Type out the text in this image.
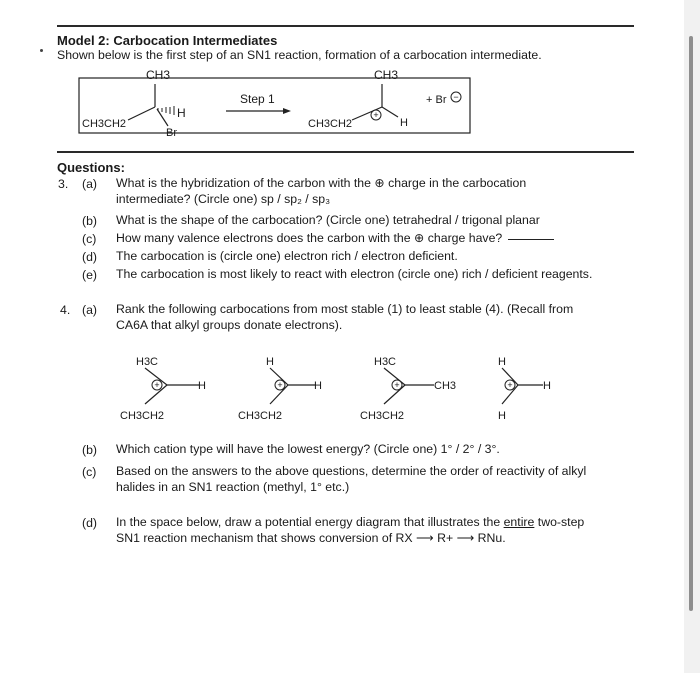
Model 2: Carbocation Intermediates
Shown below is the first step of an SN1 reaction, formation of a carbocation intermediate.
CH3
H
Br
CH3CH2
Step 1
CH3
H
+
CH3CH2
+ Br −
Questions:
3. (a) What is the hybridization of the carbon with the ⊕ charge in the carbocation
intermediate? (Circle one) sp / sp₂ / sp₃
(b) What is the shape of the carbocation? (Circle one) tetrahedral / trigonal planar
(c) How many valence electrons does the carbon with the ⊕ charge have?
(d) The carbocation is (circle one) electron rich / electron deficient.
(e) The carbocation is most likely to react with electron (circle one) rich / deficient reagents.
4. (a) Rank the following carbocations from most stable (1) to least stable (4). (Recall from
CA6A that alkyl groups donate electrons).
H3C
+	H
CH3CH2
H
+	H
CH3CH2
H3C
+	CH3
CH3CH2
H
+	H
H
(b) Which cation type will have the lowest energy? (Circle one) 1° / 2° / 3°.
(c) Based on the answers to the above questions, determine the order of reactivity of alkyl
halides in an SN1 reaction (methyl, 1° etc.)
(d) In the space below, draw a potential energy diagram that illustrates the entire two-step
SN1 reaction mechanism that shows conversion of RX ⟶ R+ ⟶ RNu.
